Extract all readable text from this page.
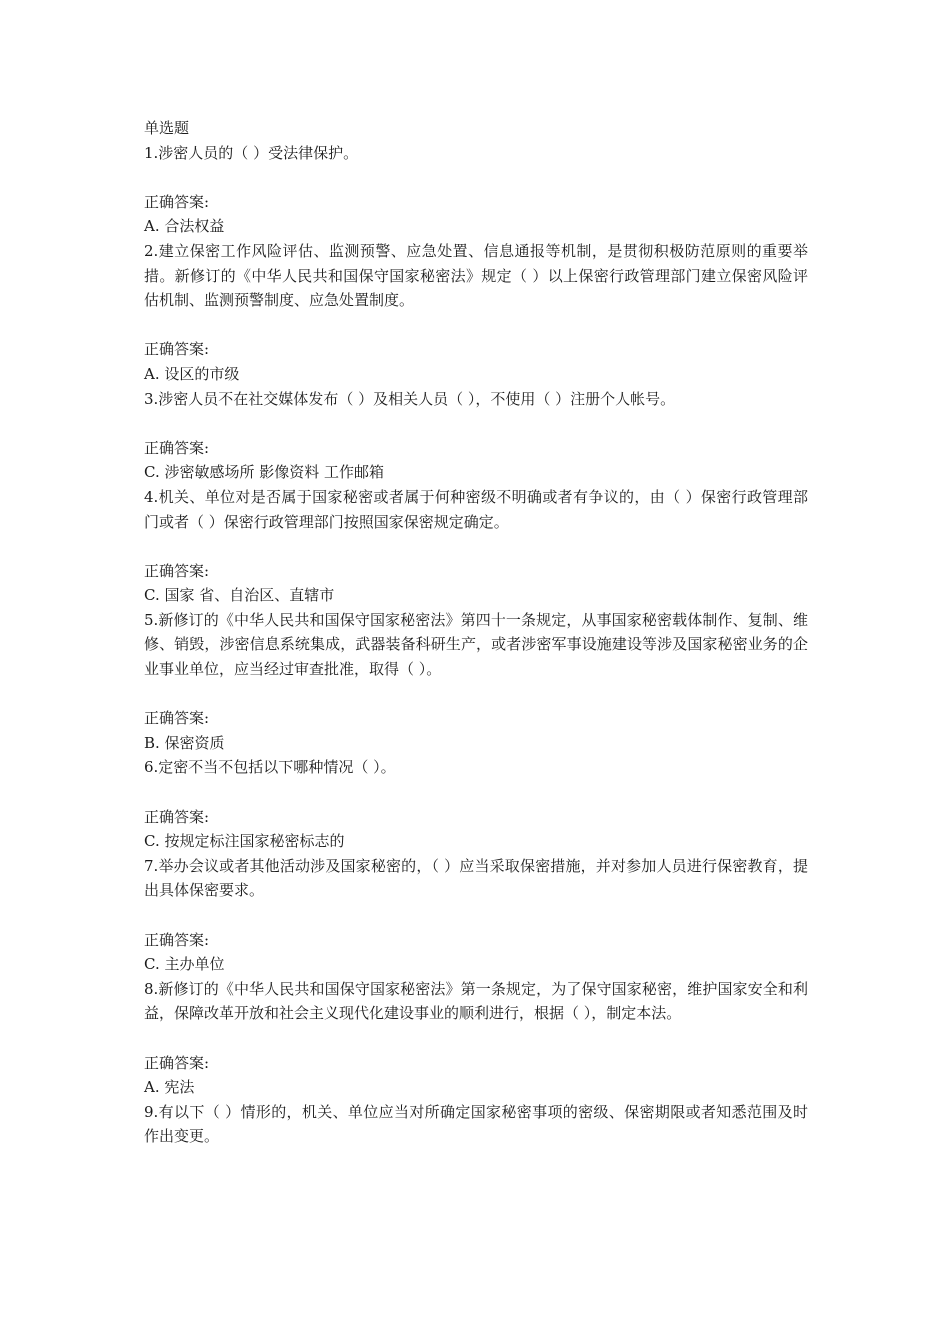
单选题
1.涉密人员的（ ）受法律保护。
正确答案:
A. 合法权益
2.建立保密工作风险评估、监测预警、应急处置、信息通报等机制，是贯彻积极防范原则的重要举措。新修订的《中华人民共和国保守国家秘密法》规定（ ）以上保密行政管理部门建立保密风险评估机制、监测预警制度、应急处置制度。
正确答案:
A. 设区的市级
3.涉密人员不在社交媒体发布（ ）及相关人员（ ），不使用（ ）注册个人帐号。
正确答案:
C. 涉密敏感场所 影像资料 工作邮箱
4.机关、单位对是否属于国家秘密或者属于何种密级不明确或者有争议的，由（ ）保密行政管理部门或者（ ）保密行政管理部门按照国家保密规定确定。
正确答案:
C. 国家 省、自治区、直辖市
5.新修订的《中华人民共和国保守国家秘密法》第四十一条规定，从事国家秘密载体制作、复制、维修、销毁，涉密信息系统集成，武器装备科研生产，或者涉密军事设施建设等涉及国家秘密业务的企业事业单位，应当经过审查批准，取得（ ）。
正确答案:
B. 保密资质
6.定密不当不包括以下哪种情况（ ）。
正确答案:
C. 按规定标注国家秘密标志的
7.举办会议或者其他活动涉及国家秘密的，（ ）应当采取保密措施，并对参加人员进行保密教育，提出具体保密要求。
正确答案:
C. 主办单位
8.新修订的《中华人民共和国保守国家秘密法》第一条规定，为了保守国家秘密，维护国家安全和利益，保障改革开放和社会主义现代化建设事业的顺利进行，根据（ ），制定本法。
正确答案:
A. 宪法
9.有以下（ ）情形的，机关、单位应当对所确定国家秘密事项的密级、保密期限或者知悉范围及时作出变更。
